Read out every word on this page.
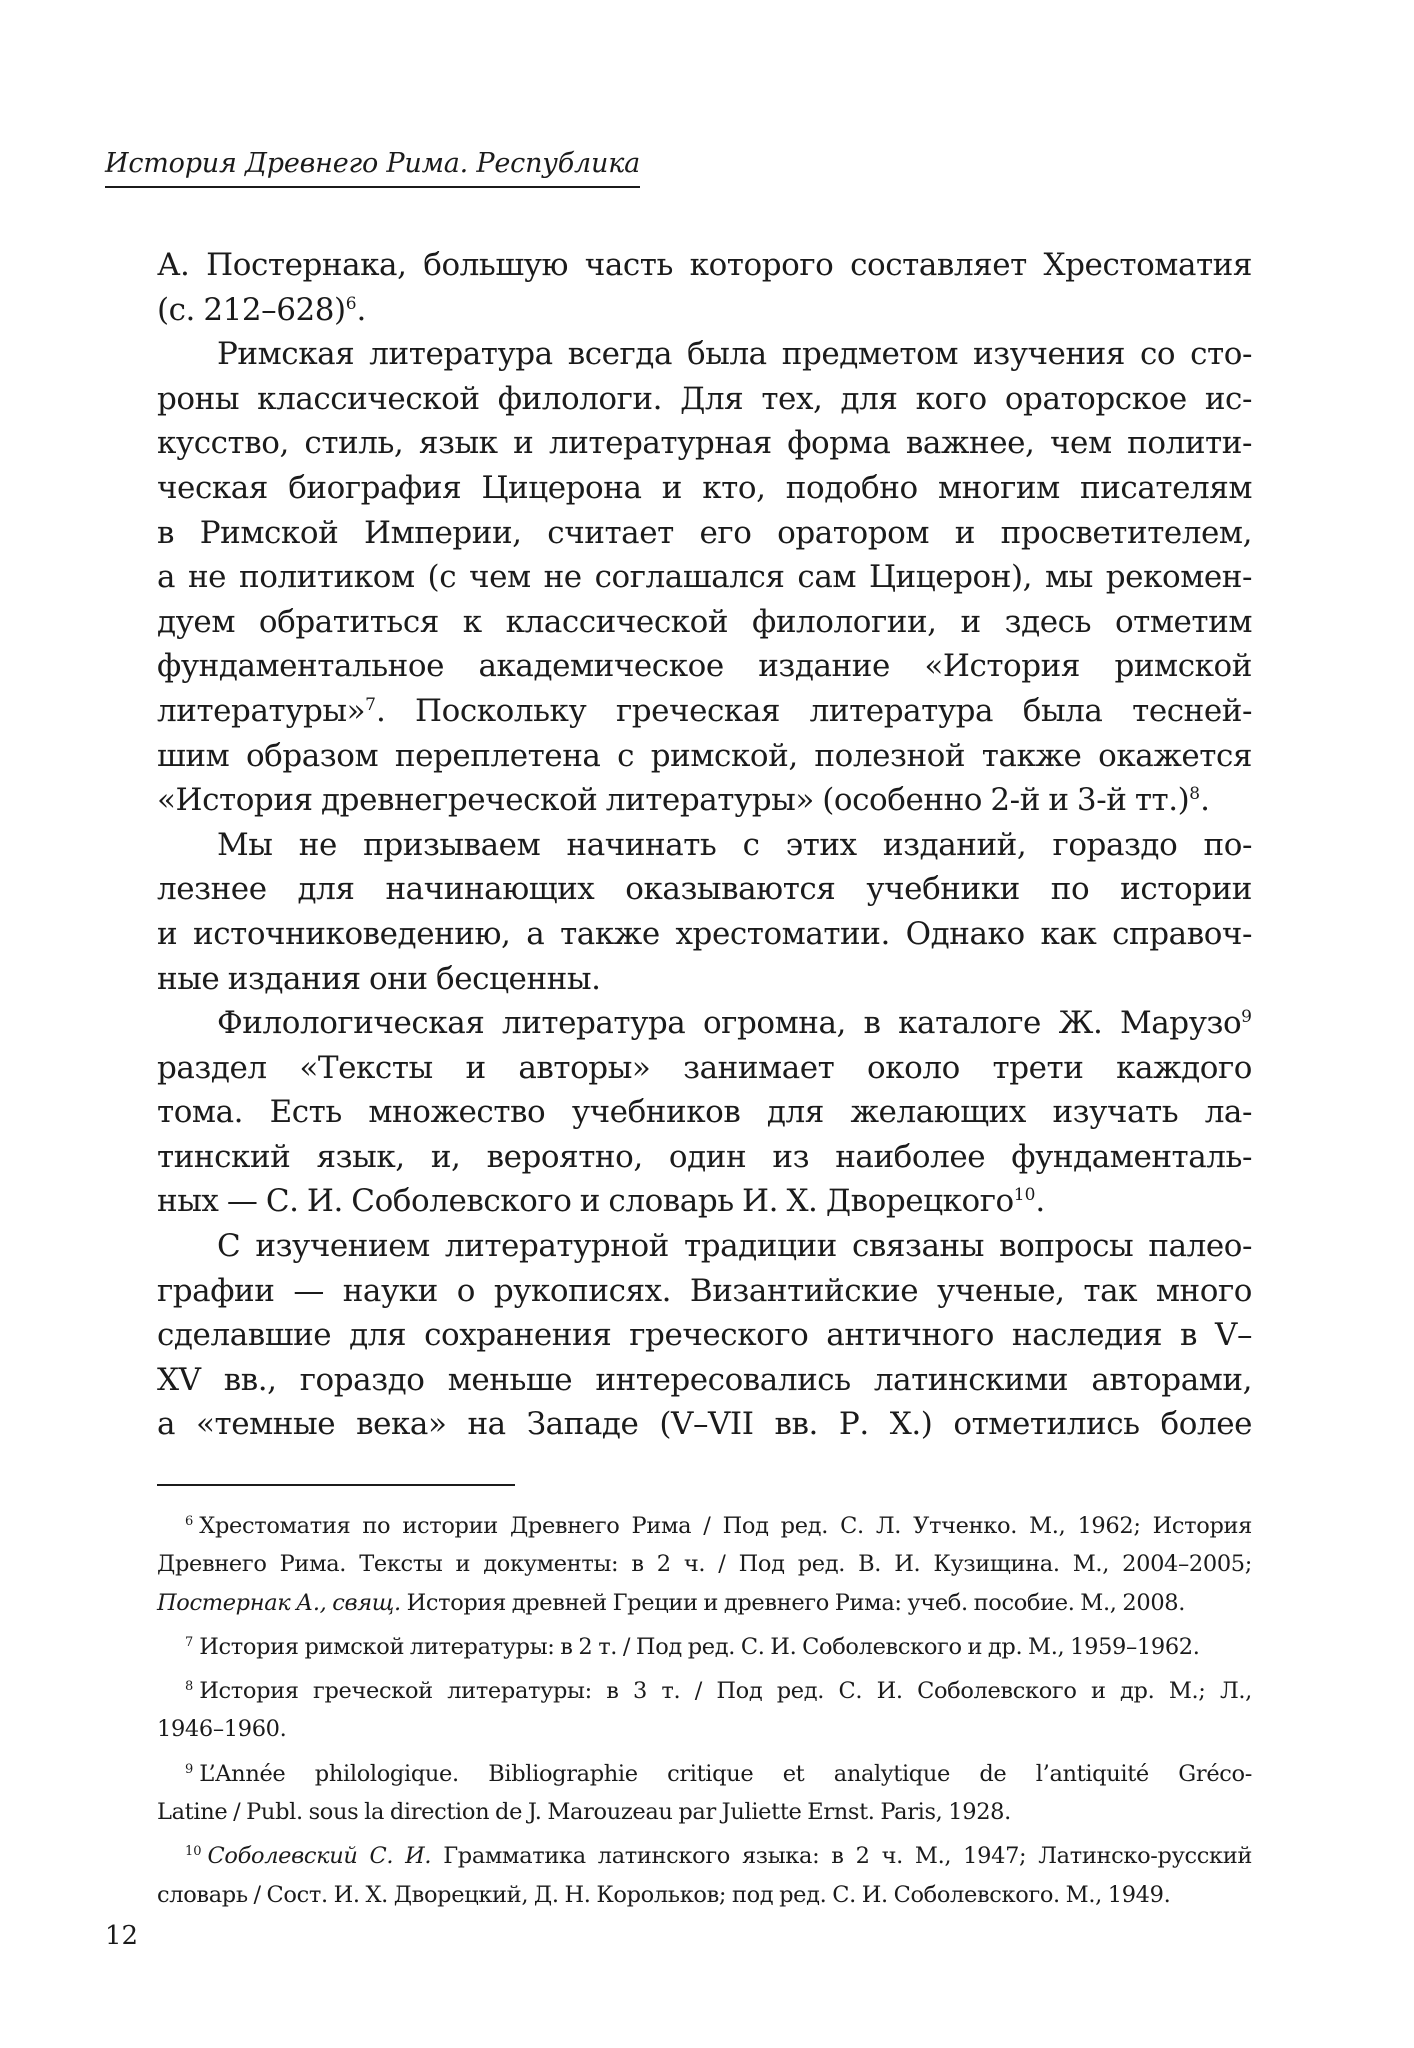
История Древнего Рима. Республика
А. Постернака, большую часть которого составляет Хрестоматия
(с. 212–628)$^6$.
Римская литература всегда была предметом изучения со сто-
роны классической филологи. Для тех, для кого ораторское ис-
кусство, стиль, язык и литературная форма важнее, чем полити-
ческая биография Цицерона и кто, подобно многим писателям
в Римской Империи, считает его оратором и просветителем,
а не политиком (с чем не соглашался сам Цицерон), мы рекомен-
дуем обратиться к классической филологии, и здесь отметим
фундаментальное академическое издание «История римской
литературы»$^7$. Поскольку греческая литература была тесней-
шим образом переплетена с римской, полезной также окажется
«История древнегреческой литературы» (особенно 2-й и 3-й тт.)$^8$.
Мы не призываем начинать с этих изданий, гораздо по-
лезнее для начинающих оказываются учебники по истории
и источниковедению, а также хрестоматии. Однако как справоч-
ные издания они бесценны.
Филологическая литература огромна, в каталоге Ж. Марузо$^9$
раздел «Тексты и авторы» занимает около трети каждого
тома. Есть множество учебников для желающих изучать ла-
тинский язык, и, вероятно, один из наиболее фундаменталь-
ных — С. И. Соболевского и словарь И. Х. Дворецкого$^{10}$.
С изучением литературной традиции связаны вопросы палео-
графии — науки о рукописях. Византийские ученые, так много
сделавшие для сохранения греческого античного наследия в V–
XV вв., гораздо меньше интересовались латинскими авторами,
а «темные века» на Западе (V–VII вв. Р. Х.) отметились более
$^6$ Хрестоматия по истории Древнего Рима / Под ред. С. Л. Утченко. М., 1962; История
Древнего Рима. Тексты и документы: в 2 ч. / Под ред. В. И. Кузищина. М., 2004–2005;
Постернак А., свящ. История древней Греции и древнего Рима: учеб. пособие. М., 2008.
$^7$ История римской литературы: в 2 т. / Под ред. С. И. Соболевского и др. М., 1959–1962.
$^8$ История греческой литературы: в 3 т. / Под ред. С. И. Соболевского и др. М.; Л.,
1946–1960.
$^9$ L’Année philologique. Bibliographie critique et analytique de l’antiquité Gréco-
Latine / Publ. sous la direction de J. Marouzeau par Juliette Ernst. Paris, 1928.
$^{10}$ Соболевский С. И. Грамматика латинского языка: в 2 ч. М., 1947; Латинско-русский
словарь / Сост. И. Х. Дворецкий, Д. Н. Корольков; под ред. С. И. Соболевского. М., 1949.
12
